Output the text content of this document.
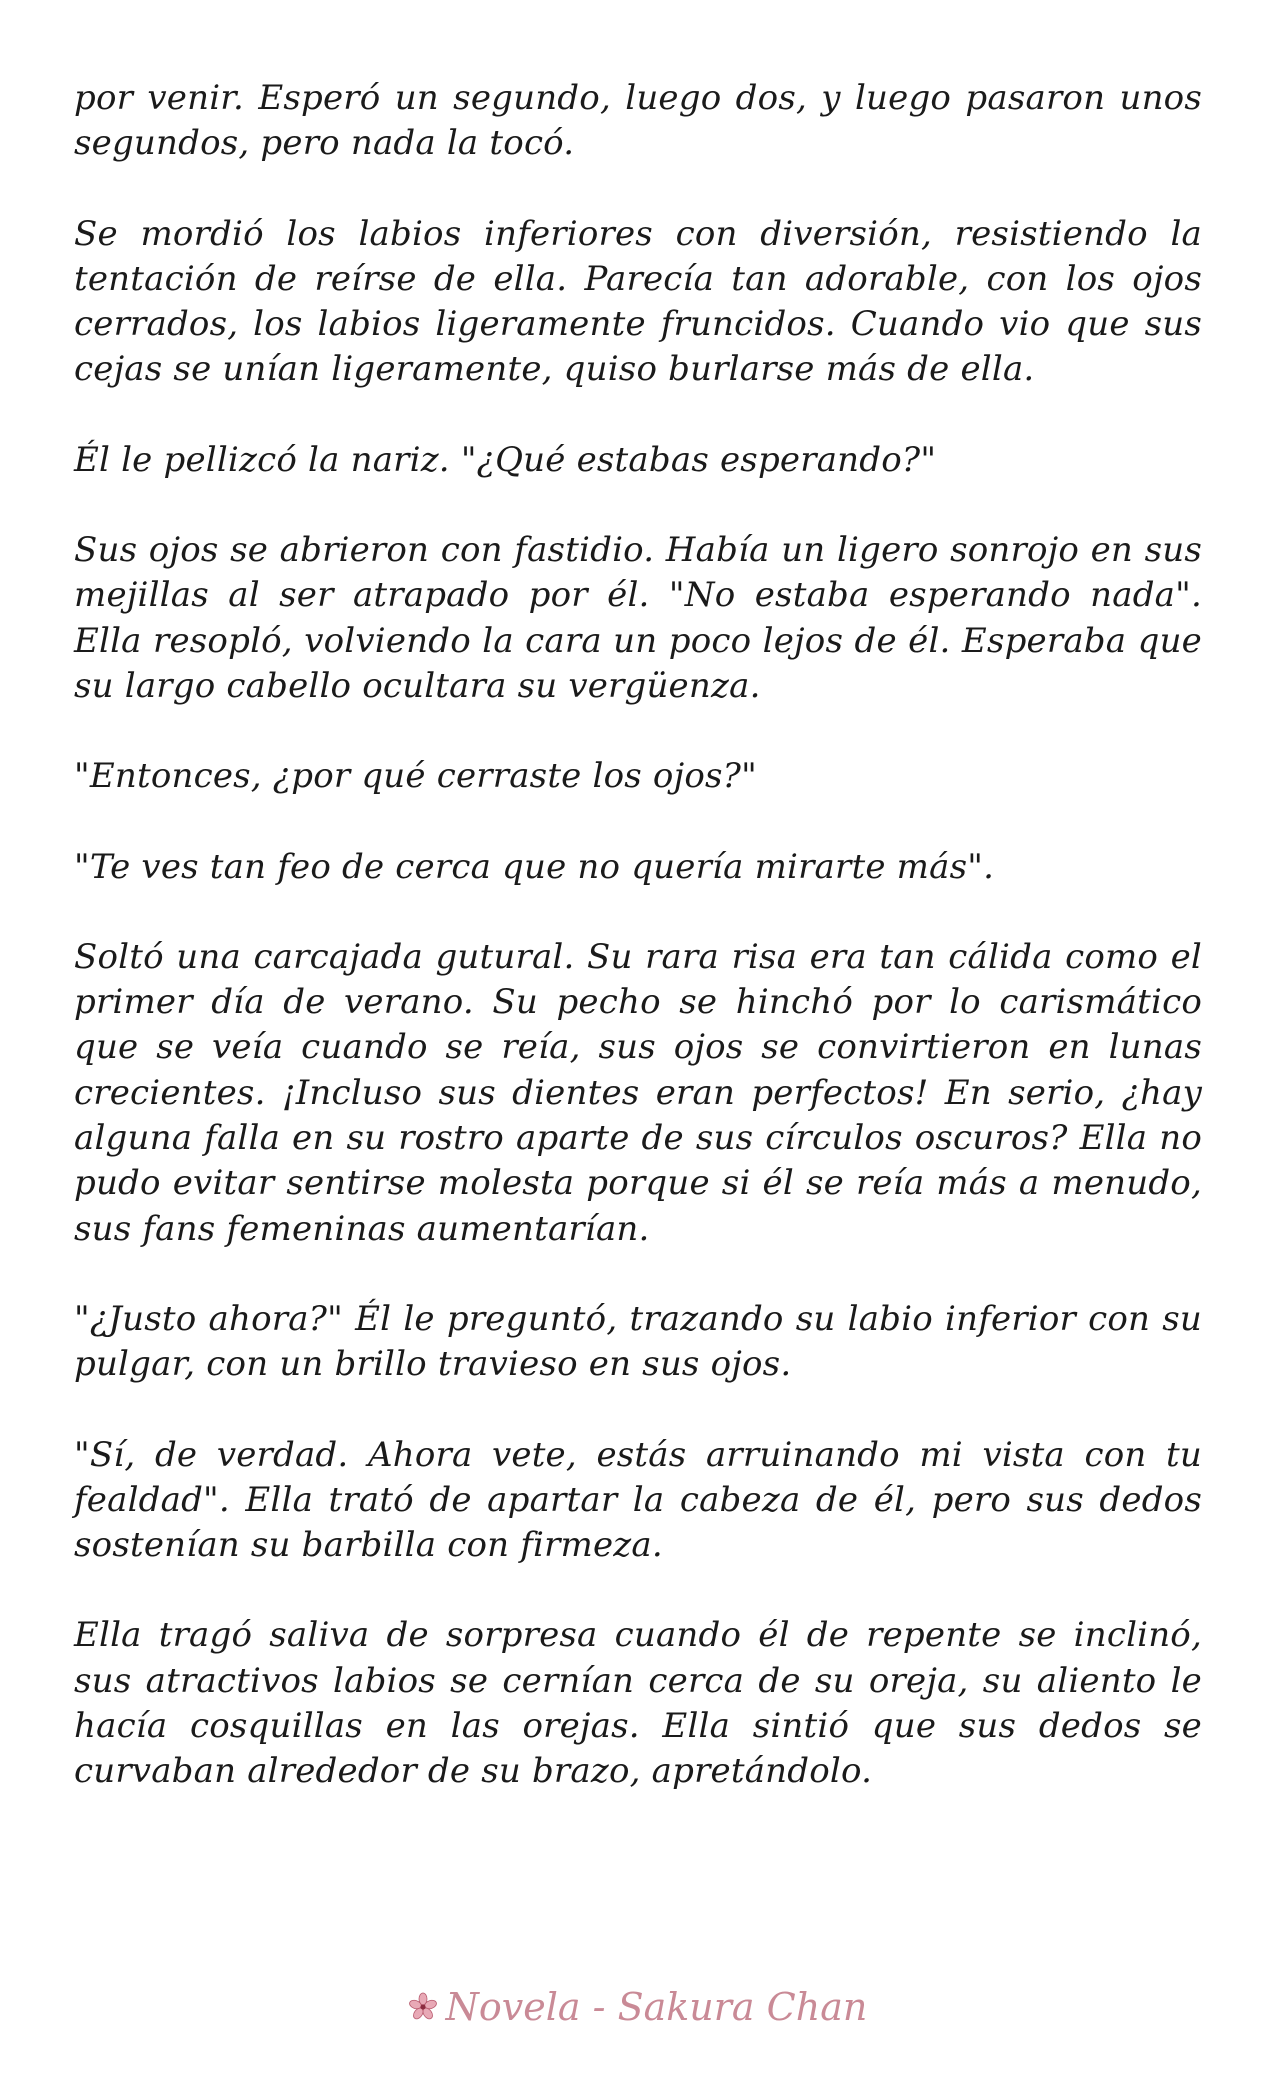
por venir. Esperó un segundo, luego dos, y luego pasaron unos segundos, pero nada la tocó.

Se mordió los labios inferiores con diversión, resistiendo la tentación de reírse de ella. Parecía tan adorable, con los ojos cerrados, los labios ligeramente fruncidos. Cuando vio que sus cejas se unían ligeramente, quiso burlarse más de ella.

Él le pellizcó la nariz. "¿Qué estabas esperando?"

Sus ojos se abrieron con fastidio. Había un ligero sonrojo en sus mejillas al ser atrapado por él. "No estaba esperando nada". Ella resopló, volviendo la cara un poco lejos de él. Esperaba que su largo cabello ocultara su vergüenza.

"Entonces, ¿por qué cerraste los ojos?"

"Te ves tan feo de cerca que no quería mirarte más".

Soltó una carcajada gutural. Su rara risa era tan cálida como el primer día de verano. Su pecho se hinchó por lo carismático que se veía cuando se reía, sus ojos se convirtieron en lunas crecientes. ¡Incluso sus dientes eran perfectos! En serio, ¿hay alguna falla en su rostro aparte de sus círculos oscuros? Ella no pudo evitar sentirse molesta porque si él se reía más a menudo, sus fans femeninas aumentarían.

"¿Justo ahora?" Él le preguntó, trazando su labio inferior con su pulgar, con un brillo travieso en sus ojos.

"Sí, de verdad. Ahora vete, estás arruinando mi vista con tu fealdad". Ella trató de apartar la cabeza de él, pero sus dedos sostenían su barbilla con firmeza.

Ella tragó saliva de sorpresa cuando él de repente se inclinó, sus atractivos labios se cernían cerca de su oreja, su aliento le hacía cosquillas en las orejas. Ella sintió que sus dedos se curvaban alrededor de su brazo, apretándolo.

Novela - Sakura Chan
